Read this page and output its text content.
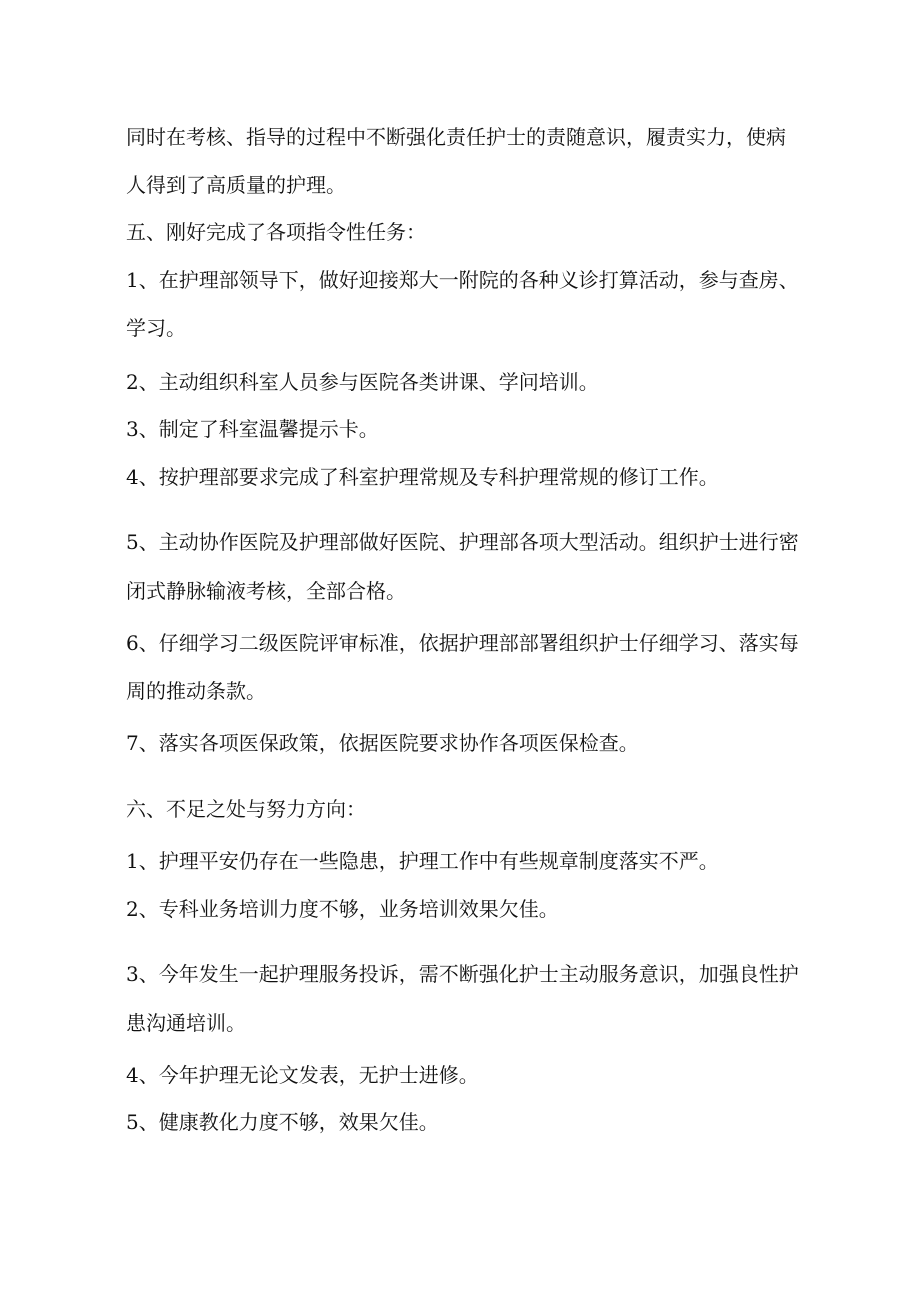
同时在考核、指导的过程中不断强化责任护士的责随意识，履责实力，使病

人得到了高质量的护理。

五、刚好完成了各项指令性任务：

1、在护理部领导下，做好迎接郑大一附院的各种义诊打算活动，参与查房、

学习。

2、主动组织科室人员参与医院各类讲课、学问培训。

3、制定了科室温馨提示卡。

4、按护理部要求完成了科室护理常规及专科护理常规的修订工作。

5、主动协作医院及护理部做好医院、护理部各项大型活动。组织护士进行密

闭式静脉输液考核，全部合格。

6、仔细学习二级医院评审标准，依据护理部部署组织护士仔细学习、落实每

周的推动条款。

7、落实各项医保政策，依据医院要求协作各项医保检查。

六、不足之处与努力方向：

1、护理平安仍存在一些隐患，护理工作中有些规章制度落实不严。

2、专科业务培训力度不够，业务培训效果欠佳。

3、今年发生一起护理服务投诉，需不断强化护士主动服务意识，加强良性护

患沟通培训。

4、今年护理无论文发表，无护士进修。

5、健康教化力度不够，效果欠佳。
